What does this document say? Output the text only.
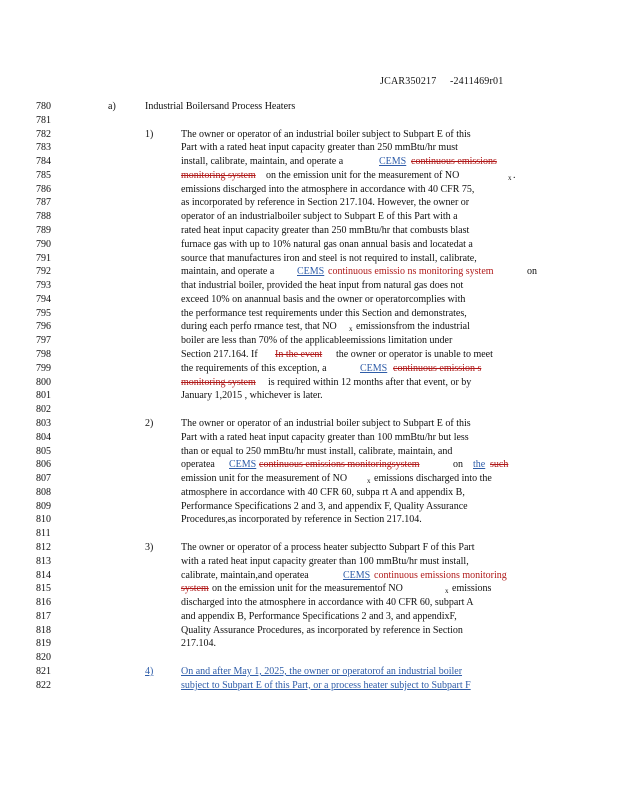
JCAR350217 -2411469r01
780	a)	Industrial Boilersand Process Heaters
781
782	1)	The owner or operator of an industrial boiler subject to Subpart E of this
783	Part with a rated heat input capacity greater than 250 mmBtu/hr must
784	install, calibrate, maintain, and operate a	CEMS continuous emissions
785	monitoring system on the emission unit for the measurement of NO	x .
786	emissions discharged into the atmosphere in accordance with 40 CFR 75,
787	as incorporated by reference in Section 217.104. However, the owner or
788	operator of an industrialboiler subject to Subpart E of this Part with a
789	rated heat input capacity greater than 250 mmBtu/hr that combusts blast
790	furnace gas with up to 10% natural gas onan annual basis and locatedat a
791	source that manufactures iron and steel is not required to install, calibrate,
792	maintain, and operate a CEMS continuous emissio ns monitoring system	on
793	that industrial boiler, provided the heat input from natural gas does not
794	exceed 10% on anannual basis and the owner or operatorcomplies with
795	the performance test requirements under this Section and demonstrates,
796	during each perfo rmance test, that NO x emissionsfrom the industrial
797	boiler are less than 70% of the applicableemissions limitation under
798	Section 217.164. If In the event the owner or operator is unable to meet
799	the requirements of this exception, a	CEMS continuous emission s
800	monitoring system is required within 12 months after that event, or by
801	January 1,2015 , whichever is later.
802
803	2)	The owner or operator of an industrial boiler subject to Subpart E of this
804	Part with a rated heat input capacity greater than 100 mmBtu/hr but less
805	than or equal to 250 mmBtu/hr must install, calibrate, maintain, and
806	operatea CEMS continuous emissions monitoringsystem	on the such
807	emission unit for the measurement of NO	x emissions discharged into the
808	atmosphere in accordance with 40 CFR 60, subpa rt A and appendix B,
809	Performance Specifications 2 and 3, and appendix F, Quality Assurance
810	Procedures,as incorporated by reference in Section 217.104.
811
812	3)	The owner or operator of a process heater subjectto Subpart F of this Part
813	with a rated heat input capacity greater than 100 mmBtu/hr must install,
814	calibrate, maintain,and operatea	CEMS continuous emissions monitoring
815	system on the emission unit for the measurementof NO	x emissions
816	discharged into the atmosphere in accordance with 40 CFR 60, subpart A
817	and appendix B, Performance Specifications 2 and 3, and appendixF,
818	Quality Assurance Procedures, as incorporated by reference in Section
819	217.104.
820
821	4)	On and after May 1, 2025, the owner or operatorof an industrial boiler
822	subject to Subpart E of this Part, or a process heater subject to Subpart F
